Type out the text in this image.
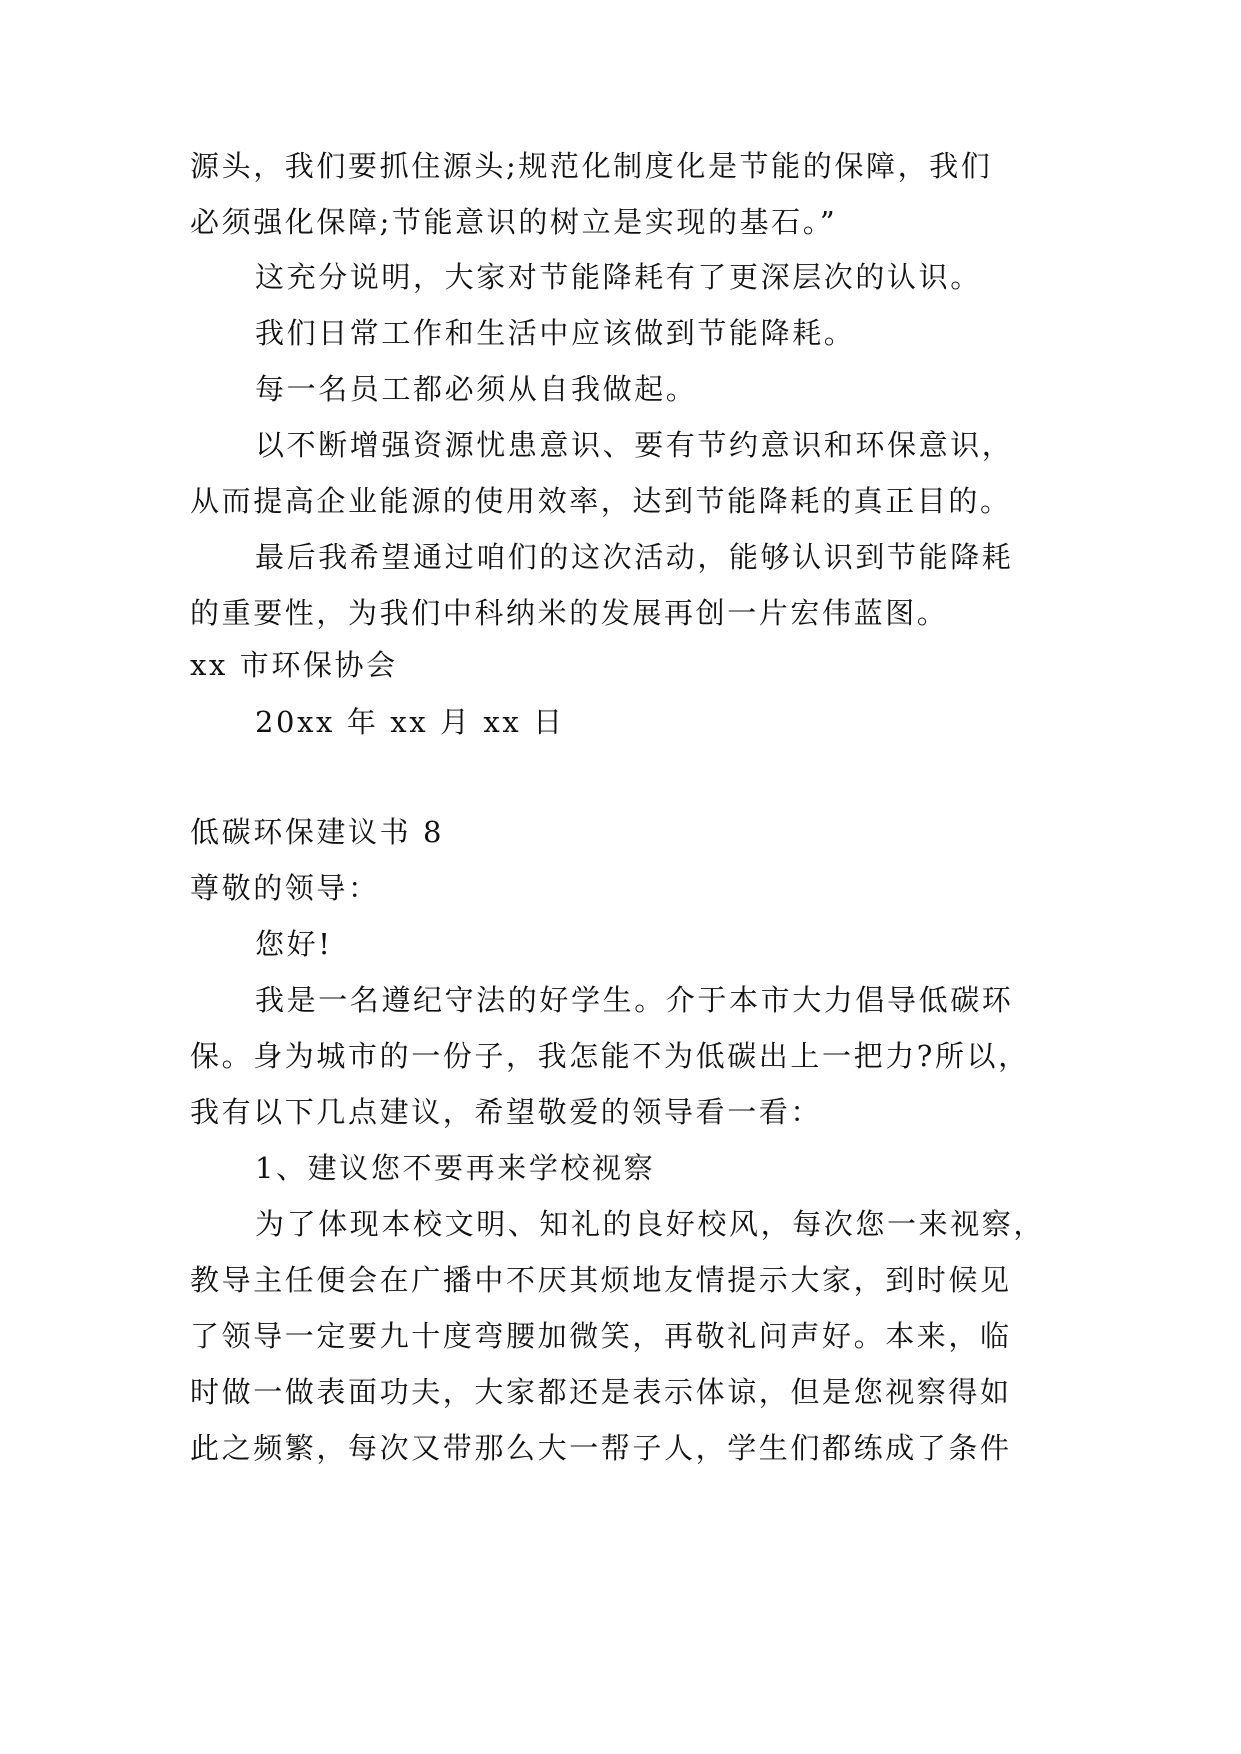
源头，我们要抓住源头;规范化制度化是节能的保障，我们

必须强化保障;节能意识的树立是实现的基石。”

这充分说明，大家对节能降耗有了更深层次的认识。

我们日常工作和生活中应该做到节能降耗。

每一名员工都必须从自我做起。

以不断增强资源忧患意识、要有节约意识和环保意识，

从而提高企业能源的使用效率，达到节能降耗的真正目的。

最后我希望通过咱们的这次活动，能够认识到节能降耗

的重要性，为我们中科纳米的发展再创一片宏伟蓝图。

xx 市环保协会

20xx 年 xx 月 xx 日

低碳环保建议书 8

尊敬的领导：

您好!

我是一名遵纪守法的好学生。介于本市大力倡导低碳环

保。身为城市的一份子，我怎能不为低碳出上一把力?所以，

我有以下几点建议，希望敬爱的领导看一看：

1、建议您不要再来学校视察

为了体现本校文明、知礼的良好校风，每次您一来视察，

教导主任便会在广播中不厌其烦地友情提示大家，到时候见

了领导一定要九十度弯腰加微笑，再敬礼问声好。本来，临

时做一做表面功夫，大家都还是表示体谅，但是您视察得如

此之频繁，每次又带那么大一帮子人，学生们都练成了条件
